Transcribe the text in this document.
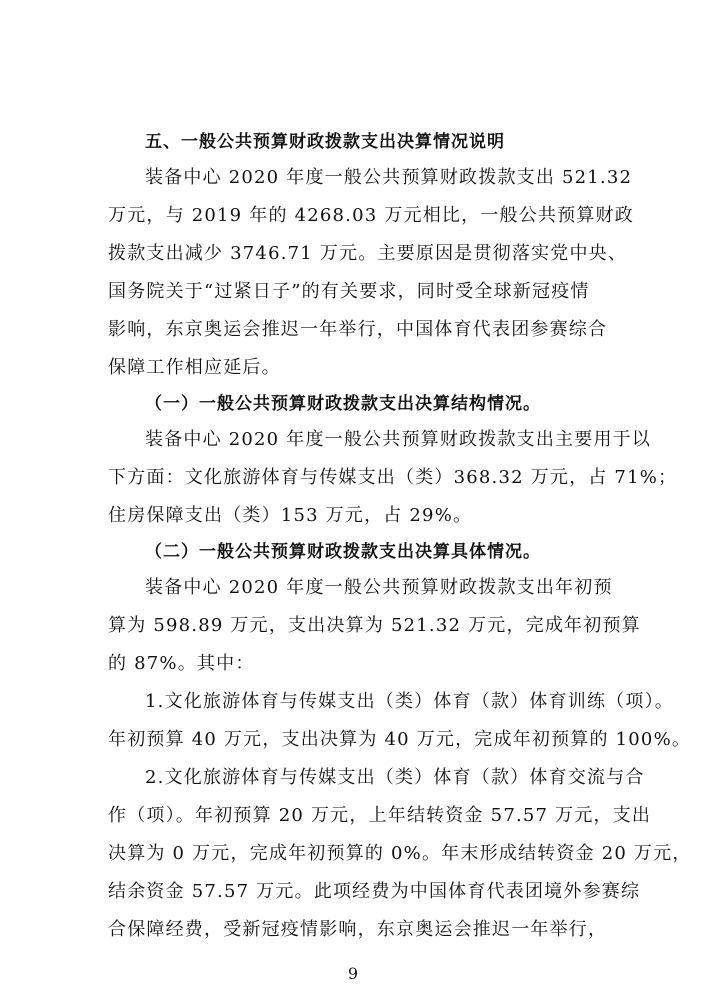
五、一般公共预算财政拨款支出决算情况说明
装备中心 2020 年度一般公共预算财政拨款支出 521.32
万元，与 2019 年的 4268.03 万元相比，一般公共预算财政
拨款支出减少 3746.71 万元。主要原因是贯彻落实党中央、
国务院关于“过紧日子”的有关要求，同时受全球新冠疫情
影响，东京奥运会推迟一年举行，中国体育代表团参赛综合
保障工作相应延后。
（一）一般公共预算财政拨款支出决算结构情况。
装备中心 2020 年度一般公共预算财政拨款支出主要用于以
下方面：文化旅游体育与传媒支出（类）368.32 万元，占 71%；
住房保障支出（类）153 万元，占 29%。
（二）一般公共预算财政拨款支出决算具体情况。
装备中心 2020 年度一般公共预算财政拨款支出年初预
算为 598.89 万元，支出决算为 521.32 万元，完成年初预算
的 87%。其中：
1.文化旅游体育与传媒支出（类）体育（款）体育训练（项）。
年初预算 40 万元，支出决算为 40 万元，完成年初预算的 100%。
2.文化旅游体育与传媒支出（类）体育（款）体育交流与合
作（项）。年初预算 20 万元，上年结转资金 57.57 万元，支出
决算为 0 万元，完成年初预算的 0%。年末形成结转资金 20 万元，
结余资金 57.57 万元。此项经费为中国体育代表团境外参赛综
合保障经费，受新冠疫情影响，东京奥运会推迟一年举行，
9
